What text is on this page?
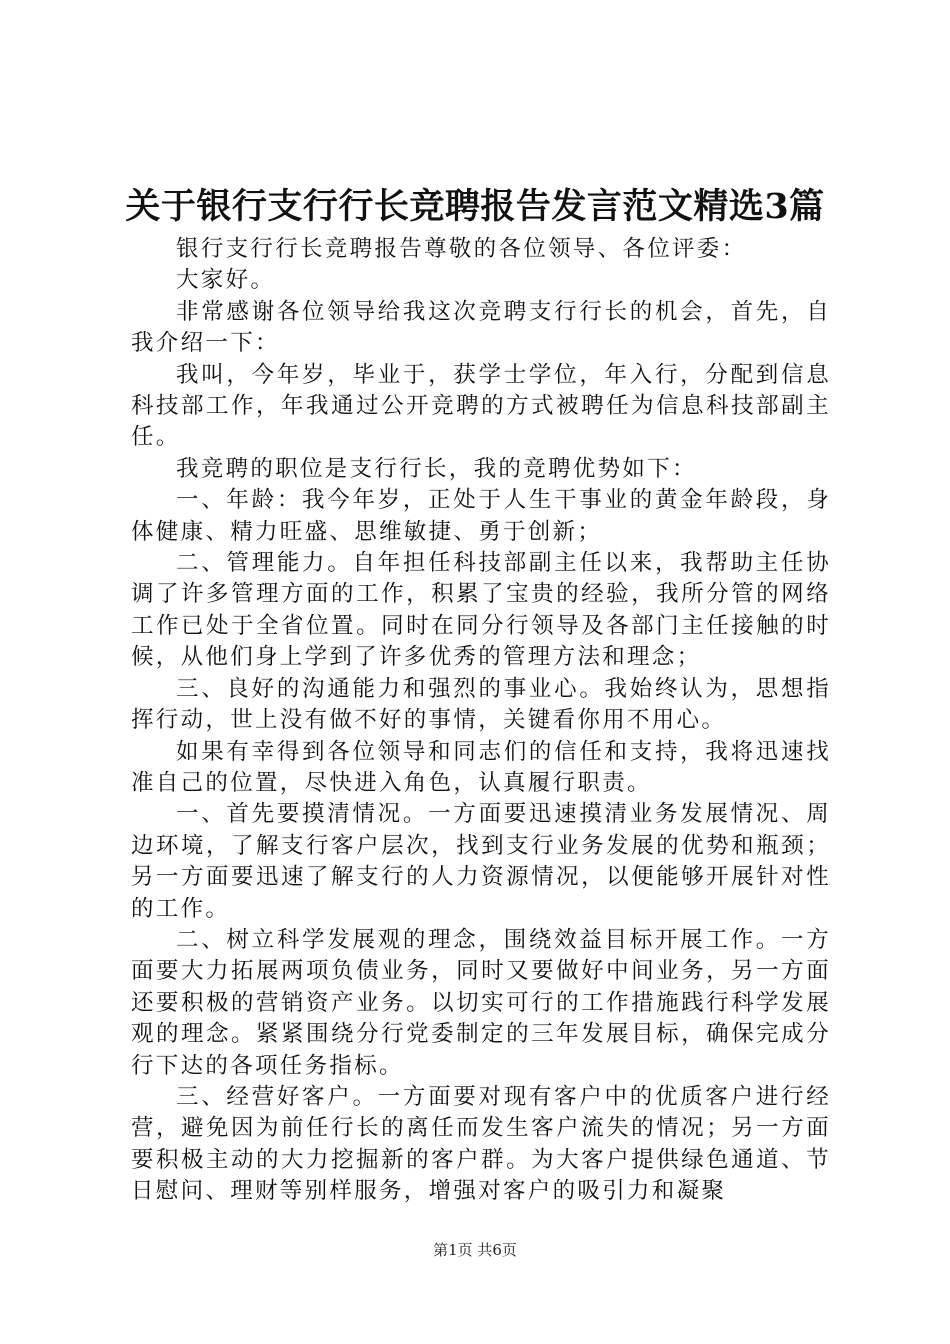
关于银行支行行长竞聘报告发言范文精选3篇

银行支行行长竞聘报告尊敬的各位领导、各位评委：

大家好。

非常感谢各位领导给我这次竞聘支行行长的机会，首先，自我介绍一下：

我叫，今年岁，毕业于，获学士学位，年入行，分配到信息科技部工作，年我通过公开竞聘的方式被聘任为信息科技部副主任。

我竞聘的职位是支行行长，我的竞聘优势如下：

一、年龄：我今年岁，正处于人生干事业的黄金年龄段，身体健康、精力旺盛、思维敏捷、勇于创新；

二、管理能力。自年担任科技部副主任以来，我帮助主任协调了许多管理方面的工作，积累了宝贵的经验，我所分管的网络工作已处于全省位置。同时在同分行领导及各部门主任接触的时候，从他们身上学到了许多优秀的管理方法和理念；

三、良好的沟通能力和强烈的事业心。我始终认为，思想指挥行动，世上没有做不好的事情，关键看你用不用心。

如果有幸得到各位领导和同志们的信任和支持，我将迅速找准自己的位置，尽快进入角色，认真履行职责。

一、首先要摸清情况。一方面要迅速摸清业务发展情况、周边环境，了解支行客户层次，找到支行业务发展的优势和瓶颈；另一方面要迅速了解支行的人力资源情况，以便能够开展针对性的工作。

二、树立科学发展观的理念，围绕效益目标开展工作。一方面要大力拓展两项负债业务，同时又要做好中间业务，另一方面还要积极的营销资产业务。以切实可行的工作措施践行科学发展观的理念。紧紧围绕分行党委制定的三年发展目标，确保完成分行下达的各项任务指标。

三、经营好客户。一方面要对现有客户中的优质客户进行经营，避免因为前任行长的离任而发生客户流失的情况；另一方面要积极主动的大力挖掘新的客户群。为大客户提供绿色通道、节日慰问、理财等别样服务，增强对客户的吸引力和凝聚

第1页 共6页
